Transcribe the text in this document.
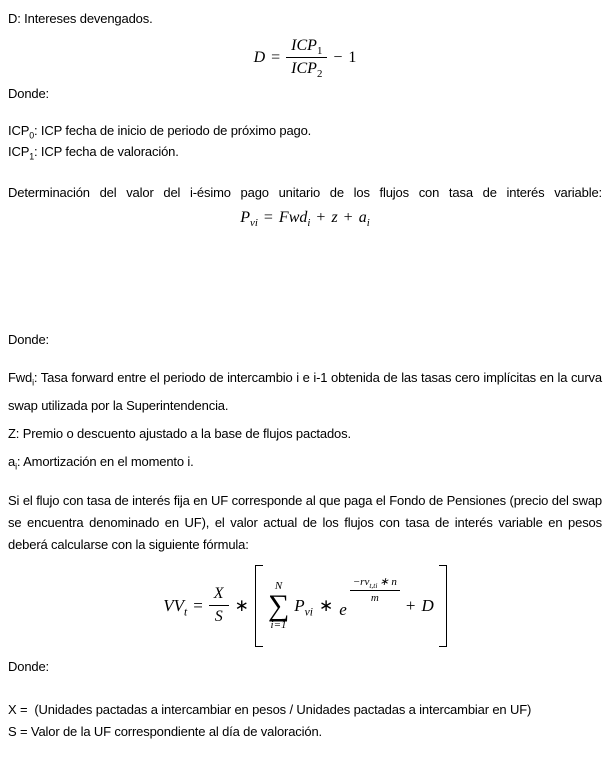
D: Intereses devengados.

$D = \frac{ICP_1}{ICP_2} - 1$

Donde:

$ICP_0$: ICP fecha de inicio de periodo de próximo pago.

$ICP_1$: ICP fecha de valoración.

Determinación del valor del i-ésimo pago unitario de los flujos con tasa de interés variable:

$P_{vi} = Fwd_i + z + a_i$

Donde:

Fwd$_i$: Tasa forward entre el periodo de intercambio i e i-1 obtenida de las tasas cero implícitas en la curva swap utilizada por la Superintendencia.

Z: Premio o descuento ajustado a la base de flujos pactados.

$a_i$: Amortización en el momento i.

Si el flujo con tasa de interés fija en UF corresponde al que paga el Fondo de Pensiones (precio del swap se encuentra denominado en UF), el valor actual de los flujos con tasa de interés variable en pesos deberá calcularse con la siguiente fórmula:

$VV_t = \frac{X}{S}$ ∗
N
∑
i=1
$P_{vi}$ ∗ e
$\frac{-rv_{t,ti} ∗ n}{m} + D$

Donde:

X =  (Unidades pactadas a intercambiar en pesos / Unidades pactadas a intercambiar en UF)

S = Valor de la UF correspondiente al día de valoración.
